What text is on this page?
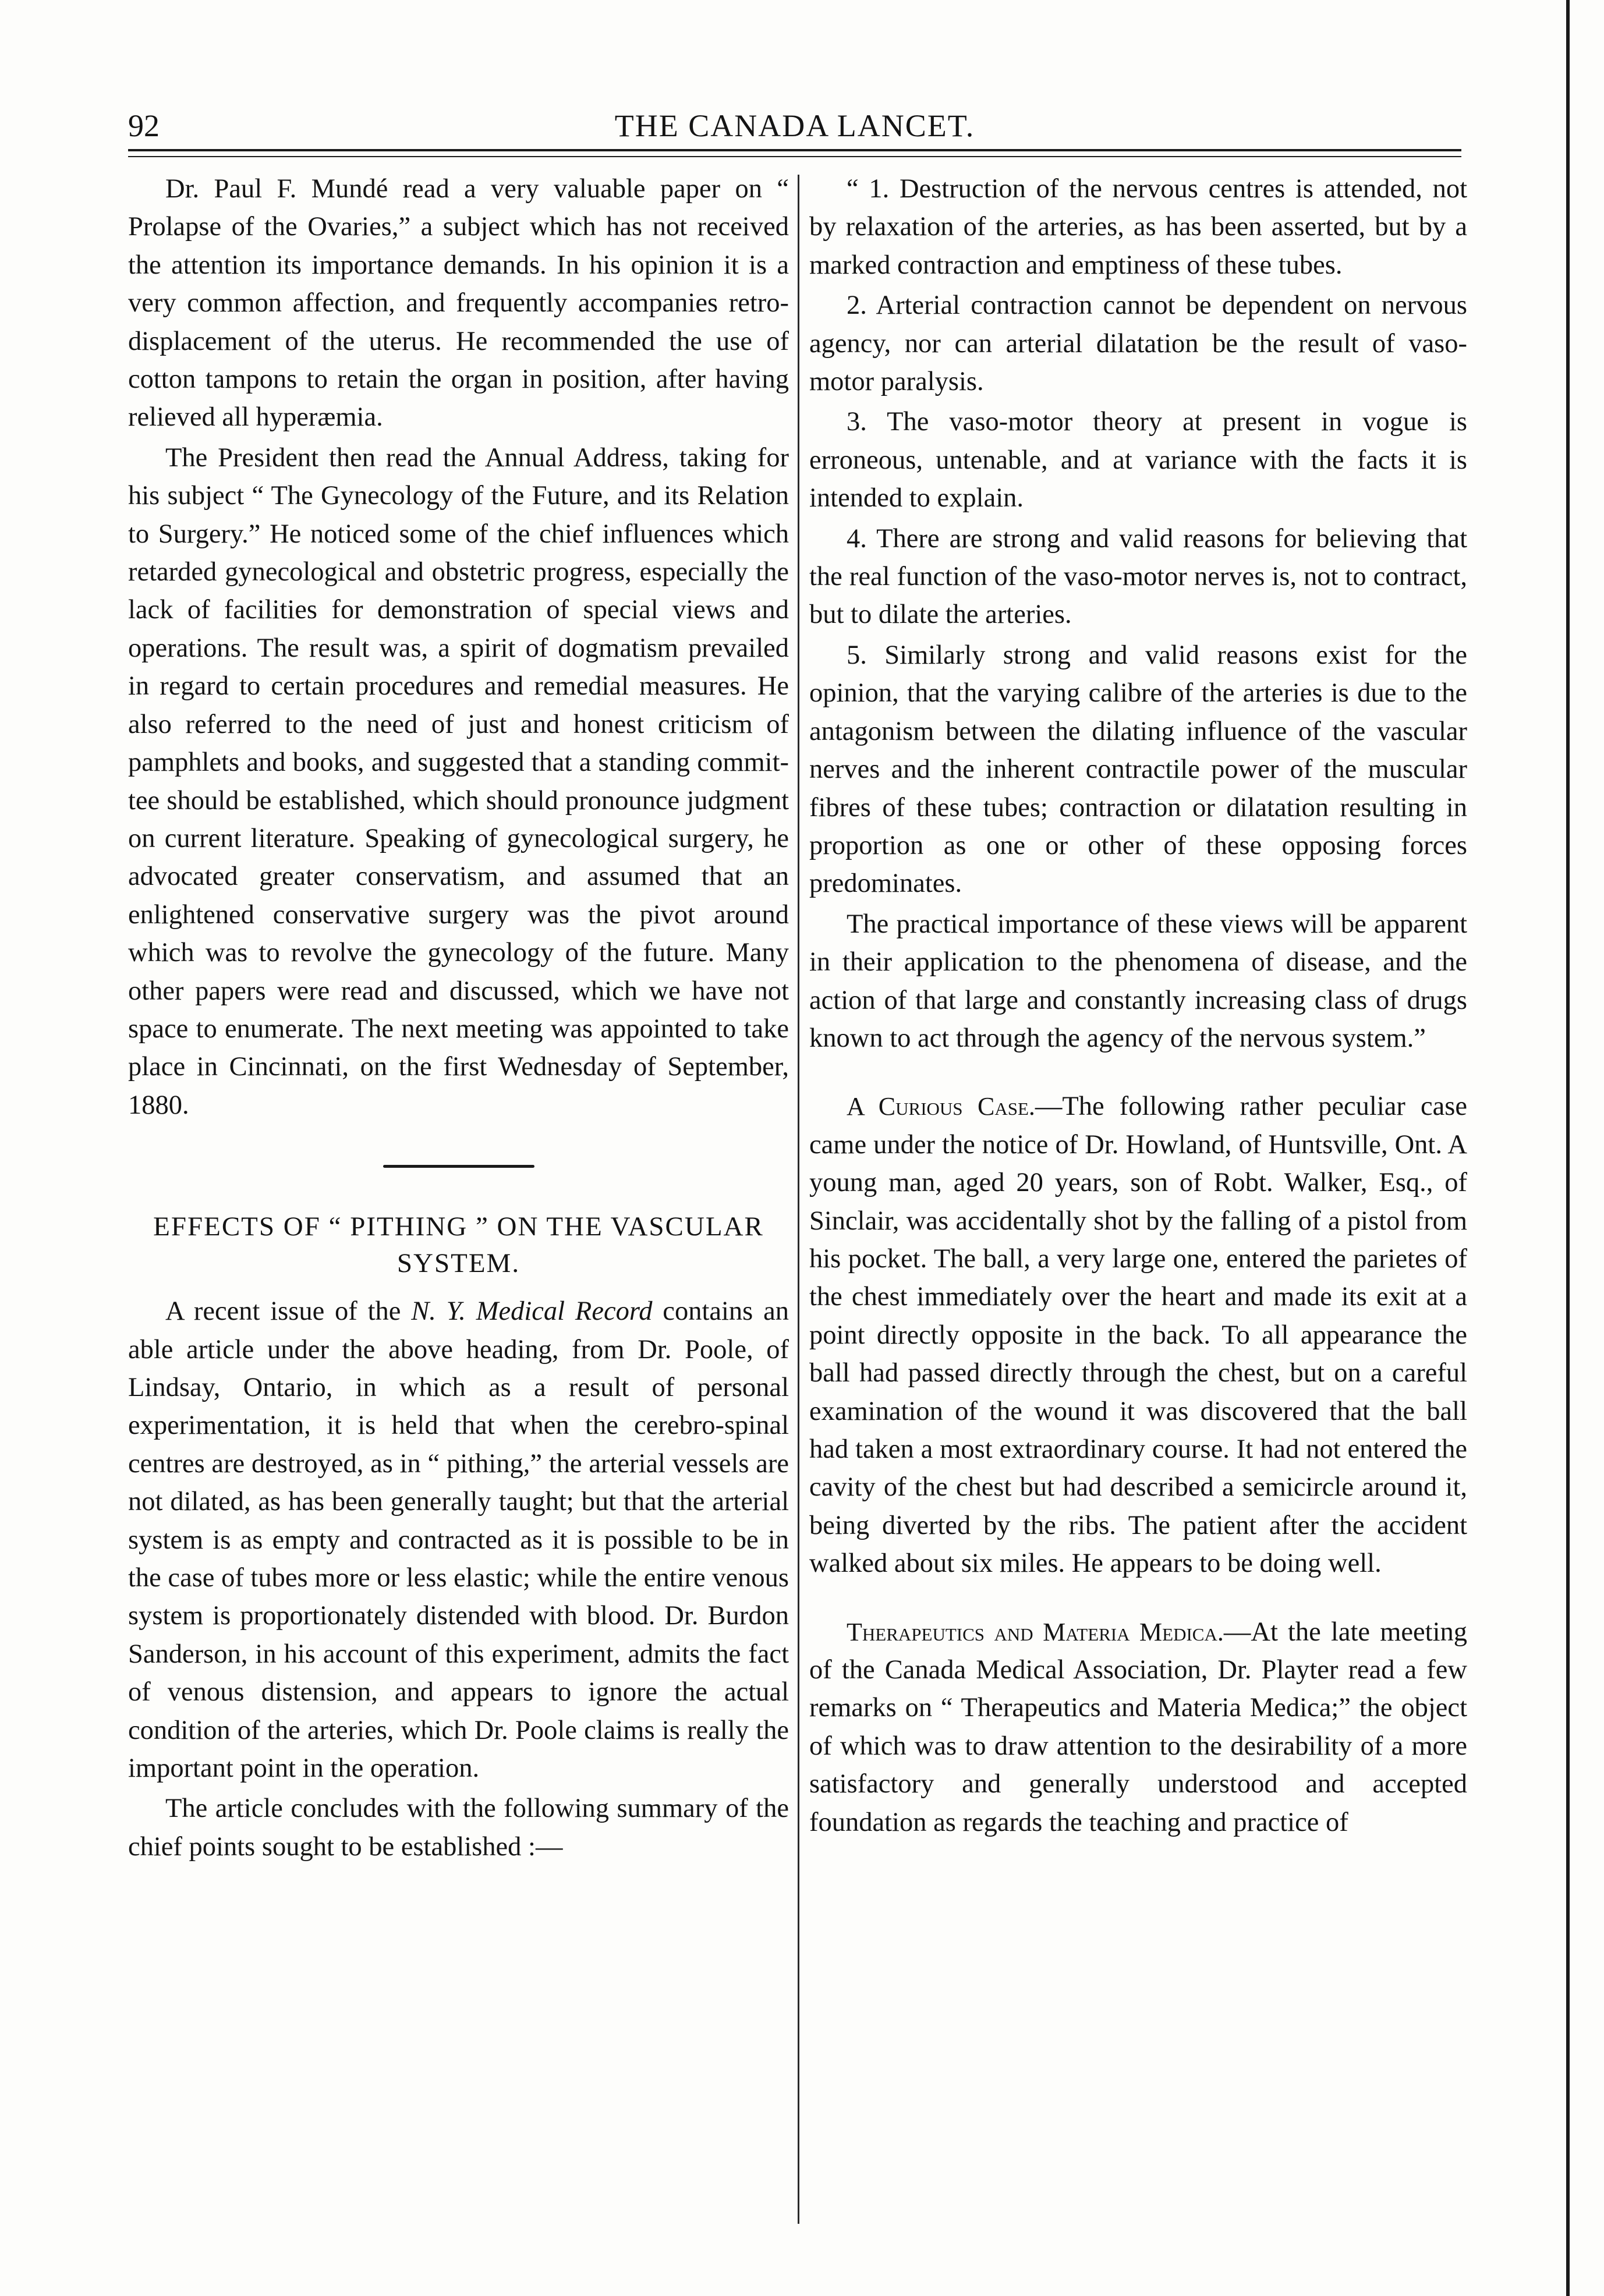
92	THE CANADA LANCET.

Dr. Paul F. Mundé read a very valuable paper on “ Prolapse of the Ovaries,” a subject which has not received the attention its importance demands. In his opinion it is a very common affection, and frequently accompanies retro-displacement of the uterus. He recommended the use of cotton tampons to retain the organ in position, after having relieved all hyperæmia.

The President then read the Annual Address, taking for his subject “ The Gynecology of the Future, and its Relation to Surgery.” He noticed some of the chief influences which retarded gynecological and obstetric progress, especially the lack of facilities for demonstration of special views and operations. The result was, a spirit of dogmatism prevailed in regard to certain procedures and remedial measures. He also referred to the need of just and honest criticism of pamphlets and books, and suggested that a standing committee should be established, which should pronounce judgment on current literature. Speaking of gynecological surgery, he advocated greater conservatism, and assumed that an enlightened conservative surgery was the pivot around which was to revolve the gynecology of the future. Many other papers were read and discussed, which we have not space to enumerate. The next meeting was appointed to take place in Cincinnati, on the first Wednesday of September, 1880.

EFFECTS OF “ PITHING ” ON THE VASCULAR SYSTEM.

A recent issue of the N. Y. Medical Record contains an able article under the above heading, from Dr. Poole, of Lindsay, Ontario, in which as a result of personal experimentation, it is held that when the cerebro-spinal centres are destroyed, as in “ pithing,” the arterial vessels are not dilated, as has been generally taught; but that the arterial system is as empty and contracted as it is possible to be in the case of tubes more or less elastic; while the entire venous system is proportionately distended with blood. Dr. Burdon Sanderson, in his account of this experiment, admits the fact of venous distension, and appears to ignore the actual condition of the arteries, which Dr. Poole claims is really the important point in the operation.

The article concludes with the following summary of the chief points sought to be established :—

“ 1. Destruction of the nervous centres is attended, not by relaxation of the arteries, as has been asserted, but by a marked contraction and emptiness of these tubes.

2. Arterial contraction cannot be dependent on nervous agency, nor can arterial dilatation be the result of vaso-motor paralysis.

3. The vaso-motor theory at present in vogue is erroneous, untenable, and at variance with the facts it is intended to explain.

4. There are strong and valid reasons for believing that the real function of the vaso-motor nerves is, not to contract, but to dilate the arteries.

5. Similarly strong and valid reasons exist for the opinion, that the varying calibre of the arteries is due to the antagonism between the dilating influence of the vascular nerves and the inherent contractile power of the muscular fibres of these tubes; contraction or dilatation resulting in proportion as one or other of these opposing forces predominates.

The practical importance of these views will be apparent in their application to the phenomena of disease, and the action of that large and constantly increasing class of drugs known to act through the agency of the nervous system.”

A Curious Case.—The following rather peculiar case came under the notice of Dr. Howland, of Huntsville, Ont. A young man, aged 20 years, son of Robt. Walker, Esq., of Sinclair, was accidentally shot by the falling of a pistol from his pocket. The ball, a very large one, entered the parietes of the chest immediately over the heart and made its exit at a point directly opposite in the back. To all appearance the ball had passed directly through the chest, but on a careful examination of the wound it was discovered that the ball had taken a most extraordinary course. It had not entered the cavity of the chest but had described a semicircle around it, being diverted by the ribs. The patient after the accident walked about six miles. He appears to be doing well.

Therapeutics and Materia Medica.—At the late meeting of the Canada Medical Association, Dr. Playter read a few remarks on “ Therapeutics and Materia Medica;” the object of which was to draw attention to the desirability of a more satisfactory and generally understood and accepted foundation as regards the teaching and practice of
